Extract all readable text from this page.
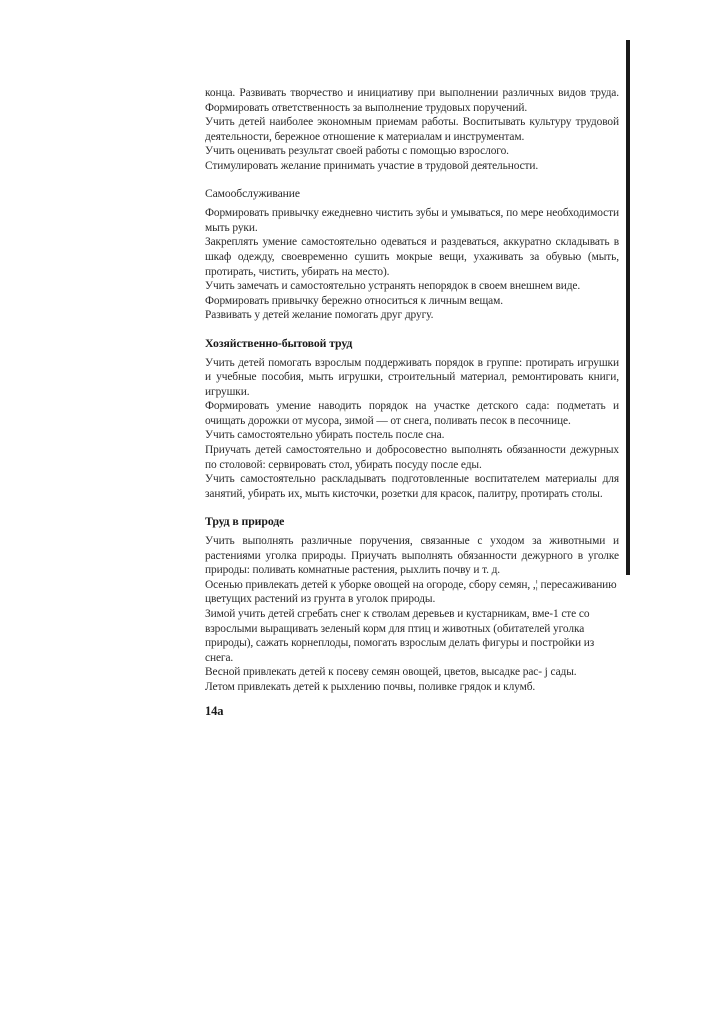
конца. Развивать творчество и инициативу при выполнении различных видов труда. Формировать ответственность за выполнение трудовых поручений.

Учить детей наиболее экономным приемам работы. Воспитывать культуру трудовой деятельности, бережное отношение к материалам и инструментам.

Учить оценивать результат своей работы с помощью взрослого.

Стимулировать желание принимать участие в трудовой деятельности.

Самообслуживание

Формировать привычку ежедневно чистить зубы и умываться, по мере необходимости мыть руки.

Закреплять умение самостоятельно одеваться и раздеваться, аккуратно складывать в шкаф одежду, своевременно сушить мокрые вещи, ухаживать за обувью (мыть, протирать, чистить, убирать на место).

Учить замечать и самостоятельно устранять непорядок в своем внешнем виде.

Формировать привычку бережно относиться к личным вещам.

Развивать у детей желание помогать друг другу.

Хозяйственно-бытовой труд

Учить детей помогать взрослым поддерживать порядок в группе: протирать игрушки и учебные пособия, мыть игрушки, строительный материал, ремонтировать книги, игрушки.

Формировать умение наводить порядок на участке детского сада: подметать и очищать дорожки от мусора, зимой — от снега, поливать песок в песочнице.

Учить самостоятельно убирать постель после сна.

Приучать детей самостоятельно и добросовестно выполнять обязанности дежурных по столовой: сервировать стол, убирать посуду после еды.

Учить самостоятельно раскладывать подготовленные воспитателем материалы для занятий, убирать их, мыть кисточки, розетки для красок, палитру, протирать столы.

Труд в природе

Учить выполнять различные поручения, связанные с уходом за животными и растениями уголка природы. Приучать выполнять обязанности дежурного в уголке природы: поливать комнатные растения, рыхлить почву и т. д.

Осенью привлекать детей к уборке овощей на огороде, сбору семян, ,¦ пересаживанию цветущих растений из грунта в уголок природы.

Зимой учить детей сгребать снег к стволам деревьев и кустарникам, вме-1 сте со взрослыми выращивать зеленый корм для птиц и животных (обитателей уголка природы), сажать корнеплоды, помогать взрослым делать фигуры и постройки из снега.

Весной привлекать детей к посеву семян овощей, цветов, высадке рас- j сады.

Летом привлекать детей к рыхлению почвы, поливке грядок и клумб.

14а
